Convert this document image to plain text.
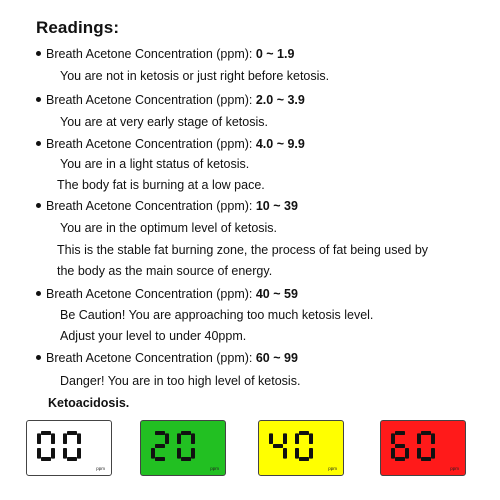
Readings:
Breath Acetone Concentration (ppm): 0 ~ 1.9
You are not in ketosis or just right before ketosis.
Breath Acetone Concentration (ppm): 2.0 ~ 3.9
You are at very early stage of ketosis.
Breath Acetone Concentration (ppm): 4.0 ~ 9.9
You are in a light status of ketosis.
The body fat is burning at a low pace.
Breath Acetone Concentration (ppm): 10 ~ 39
You are in the optimum level of ketosis.
This is the stable fat burning zone, the process of fat being used by
the body as the main source of energy.
Breath Acetone Concentration (ppm): 40 ~ 59
Be Caution! You are approaching too much ketosis level.
Adjust your level to under 40ppm.
Breath Acetone Concentration (ppm): 60 ~ 99
Danger! You are in too high level of ketosis.
Ketoacidosis.
ppm	ppm	ppm	ppm
